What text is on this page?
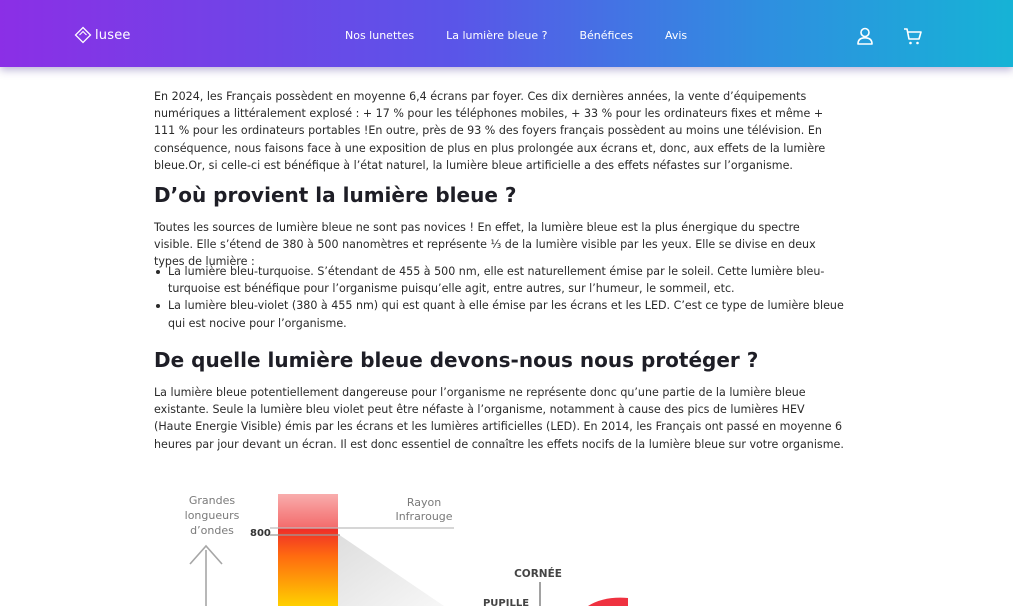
lusee	Nos lunettes	La lumière bleue ?	Bénéfices	Avis

En 2024, les Français possèdent en moyenne 6,4 écrans par foyer. Ces dix dernières années, la vente d’équipements numériques a littéralement explosé : + 17 % pour les téléphones mobiles, + 33 % pour les ordinateurs fixes et même + 111 % pour les ordinateurs portables !En outre, près de 93 % des foyers français possèdent au moins une télévision. En conséquence, nous faisons face à une exposition de plus en plus prolongée aux écrans et, donc, aux effets de la lumière bleue.Or, si celle-ci est bénéfique à l’état naturel, la lumière bleue artificielle a des effets néfastes sur l’organisme.

D’où provient la lumière bleue ?

Toutes les sources de lumière bleue ne sont pas novices ! En effet, la lumière bleue est la plus énergique du spectre visible. Elle s’étend de 380 à 500 nanomètres et représente ⅓ de la lumière visible par les yeux. Elle se divise en deux types de lumière :

La lumière bleu-turquoise. S’étendant de 455 à 500 nm, elle est naturellement émise par le soleil. Cette lumière bleu-turquoise est bénéfique pour l’organisme puisqu’elle agit, entre autres, sur l’humeur, le sommeil, etc.
La lumière bleu-violet (380 à 455 nm) qui est quant à elle émise par les écrans et les LED. C’est ce type de lumière bleue qui est nocive pour l’organisme.
De quelle lumière bleue devons-nous nous protéger ?

La lumière bleue potentiellement dangereuse pour l’organisme ne représente donc qu’une partie de la lumière bleue existante. Seule la lumière bleu violet peut être néfaste à l’organisme, notamment à cause des pics de lumières HEV (Haute Energie Visible) émis par les écrans et les lumières artificielles (LED). En 2014, les Français ont passé en moyenne 6 heures par jour devant un écran. Il est donc essentiel de connaître les effets nocifs de la lumière bleue sur votre organisme.

Grandes
longueurs
d’ondes 800
Rayon
Infrarouge
CORNÉE
PUPILLE
